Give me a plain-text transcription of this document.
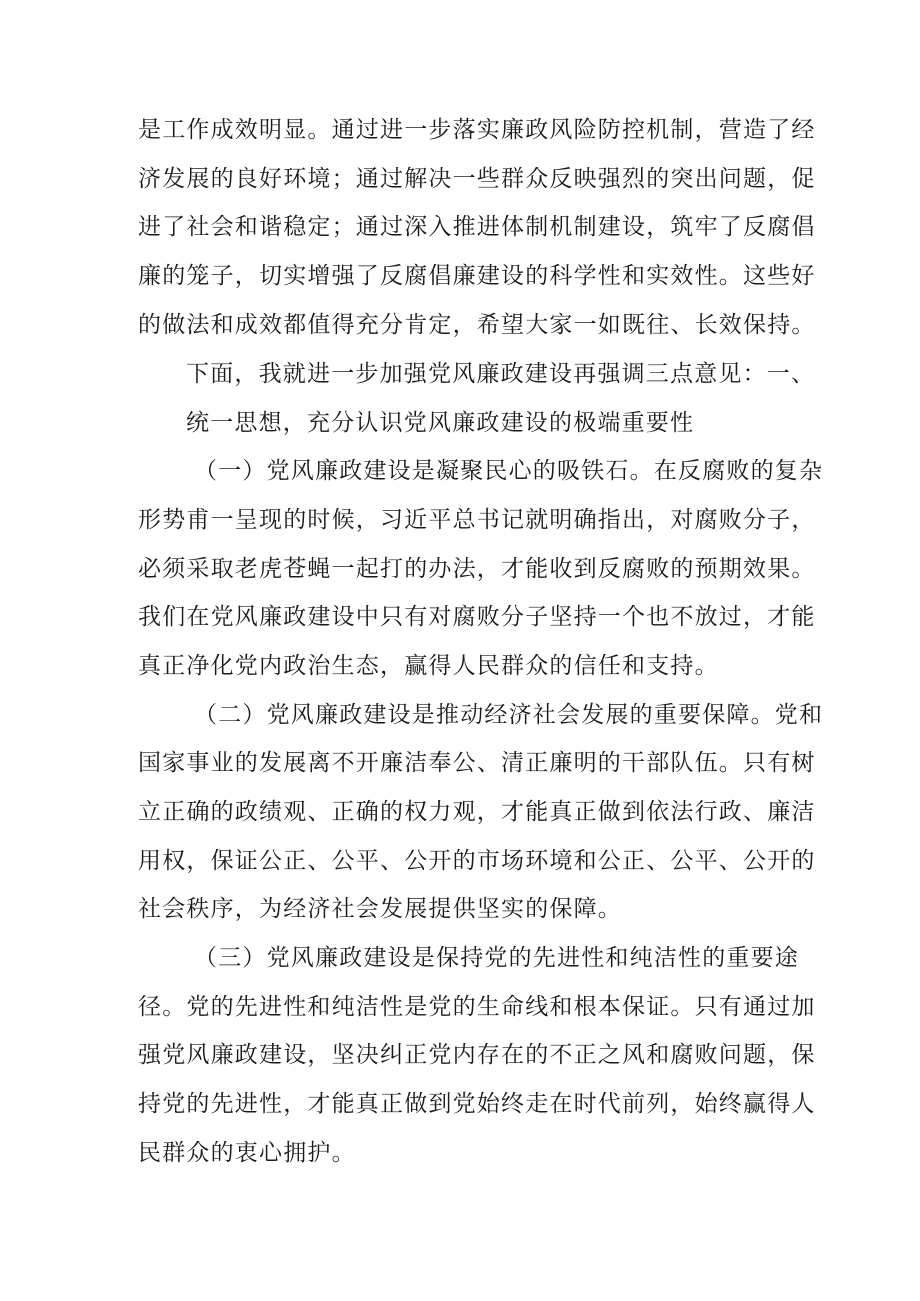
是工作成效明显。通过进一步落实廉政风险防控机制，营造了经
济发展的良好环境；通过解决一些群众反映强烈的突出问题，促
进了社会和谐稳定；通过深入推进体制机制建设，筑牢了反腐倡
廉的笼子，切实增强了反腐倡廉建设的科学性和实效性。这些好
的做法和成效都值得充分肯定，希望大家一如既往、长效保持。
下面，我就进一步加强党风廉政建设再强调三点意见：一、
统一思想，充分认识党风廉政建设的极端重要性
（一）党风廉政建设是凝聚民心的吸铁石。在反腐败的复杂
形势甫一呈现的时候，习近平总书记就明确指出，对腐败分子，
必须采取老虎苍蝇一起打的办法，才能收到反腐败的预期效果。
我们在党风廉政建设中只有对腐败分子坚持一个也不放过，才能
真正净化党内政治生态，赢得人民群众的信任和支持。
（二）党风廉政建设是推动经济社会发展的重要保障。党和
国家事业的发展离不开廉洁奉公、清正廉明的干部队伍。只有树
立正确的政绩观、正确的权力观，才能真正做到依法行政、廉洁
用权，保证公正、公平、公开的市场环境和公正、公平、公开的
社会秩序，为经济社会发展提供坚实的保障。
（三）党风廉政建设是保持党的先进性和纯洁性的重要途
径。党的先进性和纯洁性是党的生命线和根本保证。只有通过加
强党风廉政建设，坚决纠正党内存在的不正之风和腐败问题，保
持党的先进性，才能真正做到党始终走在时代前列，始终赢得人
民群众的衷心拥护。
